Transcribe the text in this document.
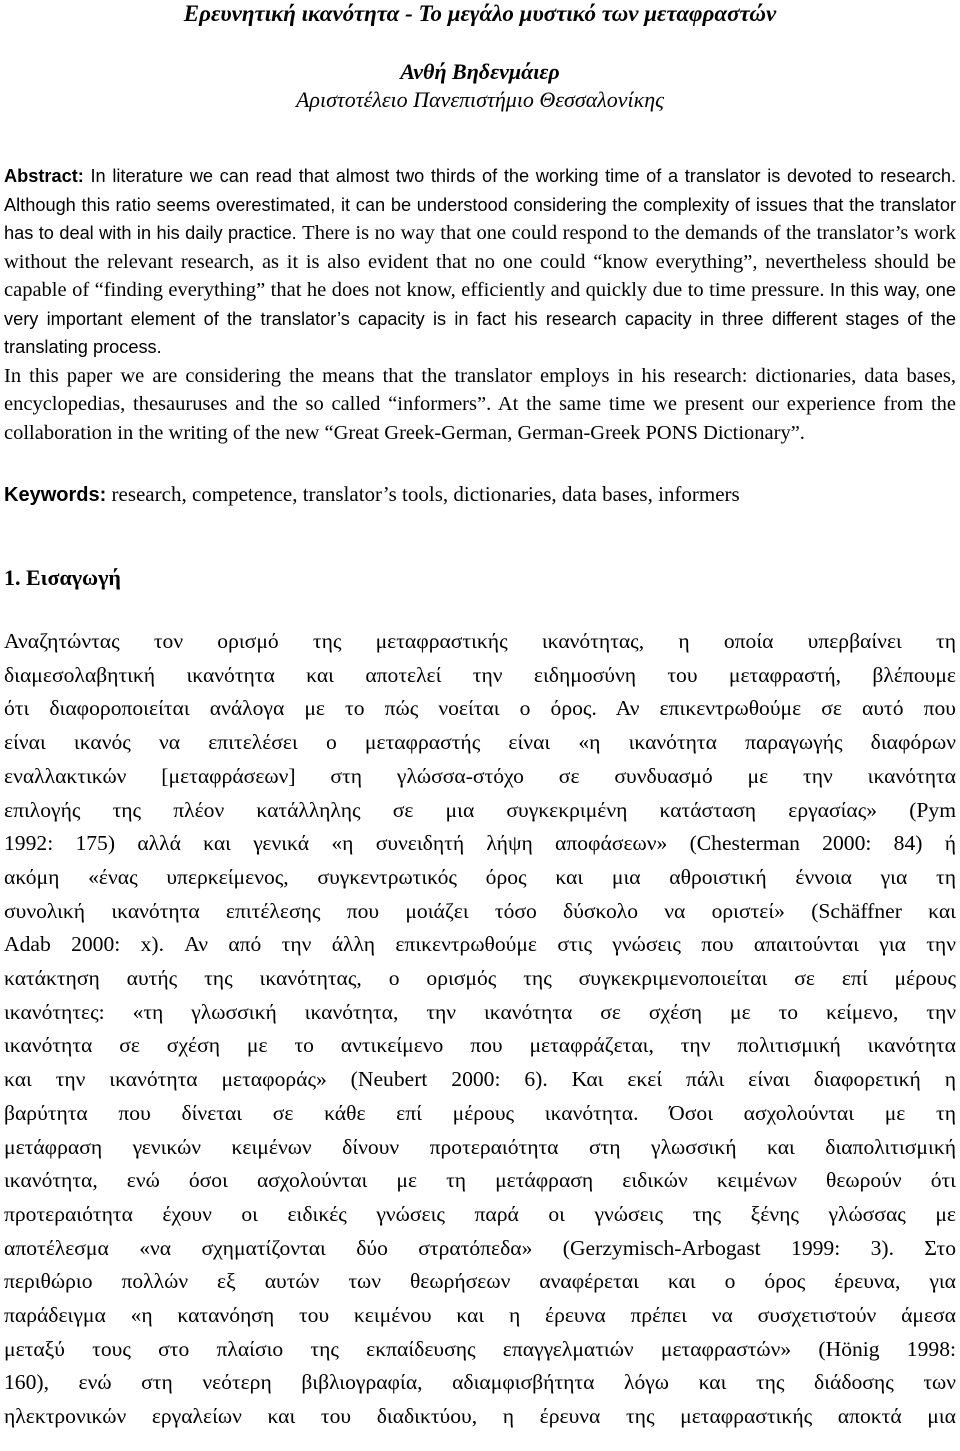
Ερευνητική ικανότητα - Το μεγάλο μυστικό των μεταφραστών
Ανθή Βηδενμάιερ
Αριστοτέλειο Πανεπιστήμιο Θεσσαλονίκης

Abstract: In literature we can read that almost two thirds of the working time of a translator is devoted to research. Although this ratio seems overestimated, it can be understood considering the complexity of issues that the translator has to deal with in his daily practice. There is no way that one could respond to the demands of the translator’s work without the relevant research, as it is also evident that no one could “know everything”, nevertheless should be capable of “finding everything” that he does not know, efficiently and quickly due to time pressure. In this way, one very important element of the translator’s capacity is in fact his research capacity in three different stages of the translating process.

In this paper we are considering the means that the translator employs in his research: dictionaries, data bases, encyclopedias, thesauruses and the so called “informers”. At the same time we present our experience from the collaboration in the writing of the new “Great Greek-German, German-Greek PONS Dictionary”.

Keywords: research, competence, translator’s tools, dictionaries, data bases, informers
1. Εισαγωγή
Αναζητώντας τον ορισμό της μεταφραστικής ικανότητας, η οποία υπερβαίνει τη
διαμεσολαβητική ικανότητα και αποτελεί την ειδημοσύνη του μεταφραστή, βλέπουμε
ότι διαφοροποιείται ανάλογα με το πώς νοείται ο όρος. Αν επικεντρωθούμε σε αυτό που
είναι ικανός να επιτελέσει ο μεταφραστής είναι «η ικανότητα παραγωγής διαφόρων
εναλλακτικών [μεταφράσεων] στη γλώσσα-στόχο σε συνδυασμό με την ικανότητα
επιλογής της πλέον κατάλληλης σε μια συγκεκριμένη κατάσταση εργασίας» (Pym
1992: 175) αλλά και γενικά «η συνειδητή λήψη αποφάσεων» (Chesterman 2000: 84) ή
ακόμη «ένας υπερκείμενος, συγκεντρωτικός όρος και μια αθροιστική έννοια για τη
συνολική ικανότητα επιτέλεσης που μοιάζει τόσο δύσκολο να οριστεί» (Schäffner και
Adab 2000: x). Αν από την άλλη επικεντρωθούμε στις γνώσεις που απαιτούνται για την
κατάκτηση αυτής της ικανότητας, ο ορισμός της συγκεκριμενοποιείται σε επί μέρους
ικανότητες: «τη γλωσσική ικανότητα, την ικανότητα σε σχέση με το κείμενο, την
ικανότητα σε σχέση με το αντικείμενο που μεταφράζεται, την πολιτισμική ικανότητα
και την ικανότητα μεταφοράς» (Neubert 2000: 6). Και εκεί πάλι είναι διαφορετική η
βαρύτητα που δίνεται σε κάθε επί μέρους ικανότητα. Όσοι ασχολούνται με τη
μετάφραση γενικών κειμένων δίνουν προτεραιότητα στη γλωσσική και διαπολιτισμική
ικανότητα, ενώ όσοι ασχολούνται με τη μετάφραση ειδικών κειμένων θεωρούν ότι
προτεραιότητα έχουν οι ειδικές γνώσεις παρά οι γνώσεις της ξένης γλώσσας με
αποτέλεσμα «να σχηματίζονται δύο στρατόπεδα» (Gerzymisch-Arbogast 1999: 3). Στο
περιθώριο πολλών εξ αυτών των θεωρήσεων αναφέρεται και ο όρος έρευνα, για
παράδειγμα «η κατανόηση του κειμένου και η έρευνα πρέπει να συσχετιστούν άμεσα
μεταξύ τους στο πλαίσιο της εκπαίδευσης επαγγελματιών μεταφραστών» (Hönig 1998:
160), ενώ στη νεότερη βιβλιογραφία, αδιαμφισβήτητα λόγω και της διάδοσης των
ηλεκτρονικών εργαλείων και του διαδικτύου, η έρευνα της μεταφραστικής αποκτά μια
